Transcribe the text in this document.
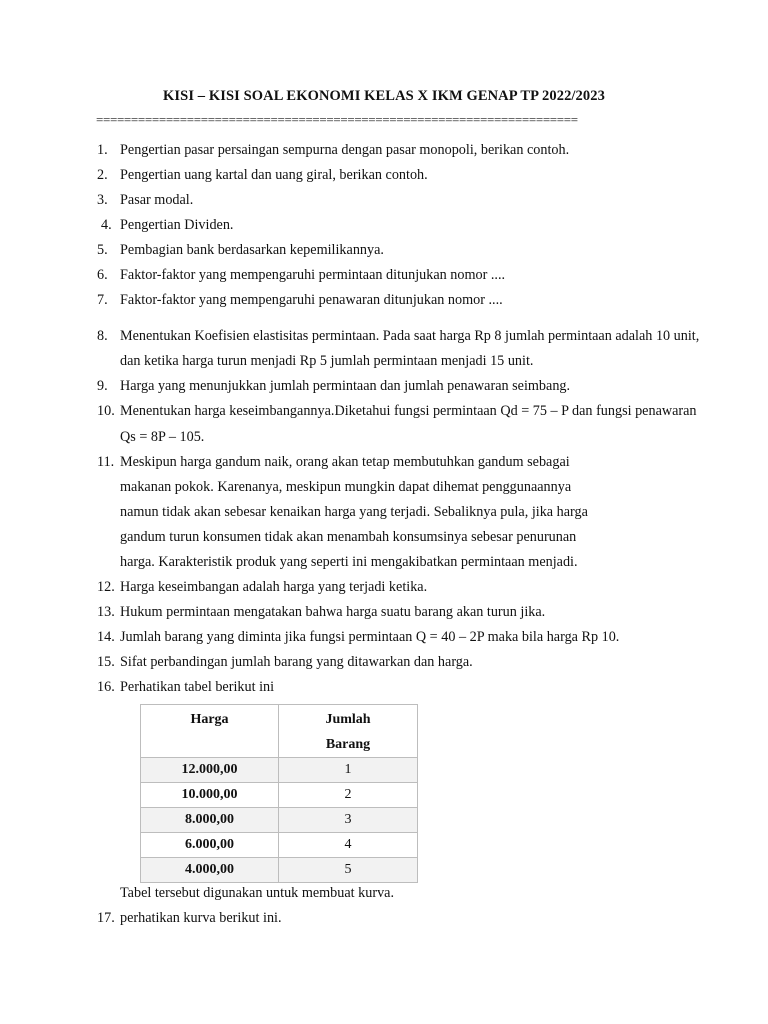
KISI – KISI SOAL EKONOMI KELAS X IKM GENAP TP 2022/2023
=====================================================================
1. Pengertian pasar persaingan sempurna dengan pasar monopoli, berikan contoh.
2. Pengertian uang kartal dan uang giral, berikan contoh.
3. Pasar modal.
4. Pengertian Dividen.
5. Pembagian bank berdasarkan kepemilikannya.
6. Faktor-faktor yang mempengaruhi permintaan ditunjukan nomor ....
7. Faktor-faktor yang mempengaruhi penawaran ditunjukan nomor ....
8. Menentukan Koefisien elastisitas permintaan. Pada saat harga Rp 8 jumlah permintaan adalah 10 unit,
dan ketika harga turun menjadi Rp 5 jumlah permintaan menjadi 15 unit.
9. Harga yang menunjukkan jumlah permintaan dan jumlah penawaran seimbang.
10. Menentukan harga keseimbangannya.Diketahui fungsi permintaan Qd = 75 – P dan fungsi penawaran
Qs = 8P – 105.
11. Meskipun harga gandum naik, orang akan tetap membutuhkan gandum sebagai
makanan pokok. Karenanya, meskipun mungkin dapat dihemat penggunaannya
namun tidak akan sebesar kenaikan harga yang terjadi. Sebaliknya pula, jika harga
gandum turun konsumen tidak akan menambah konsumsinya sebesar penurunan
harga. Karakteristik produk yang seperti ini mengakibatkan permintaan menjadi.
12. Harga keseimbangan adalah harga yang terjadi ketika.
13. Hukum permintaan mengatakan bahwa harga suatu barang akan turun jika.
14. Jumlah barang yang diminta jika fungsi permintaan Q = 40 – 2P maka bila harga Rp 10.
15. Sifat perbandingan jumlah barang yang ditawarkan dan harga.
16. Perhatikan tabel berikut ini
Harga	Jumlah
Barang
12.000,00	1
10.000,00	2
8.000,00	3
6.000,00	4
4.000,00	5
Tabel tersebut digunakan untuk membuat kurva.
17. perhatikan kurva berikut ini.
